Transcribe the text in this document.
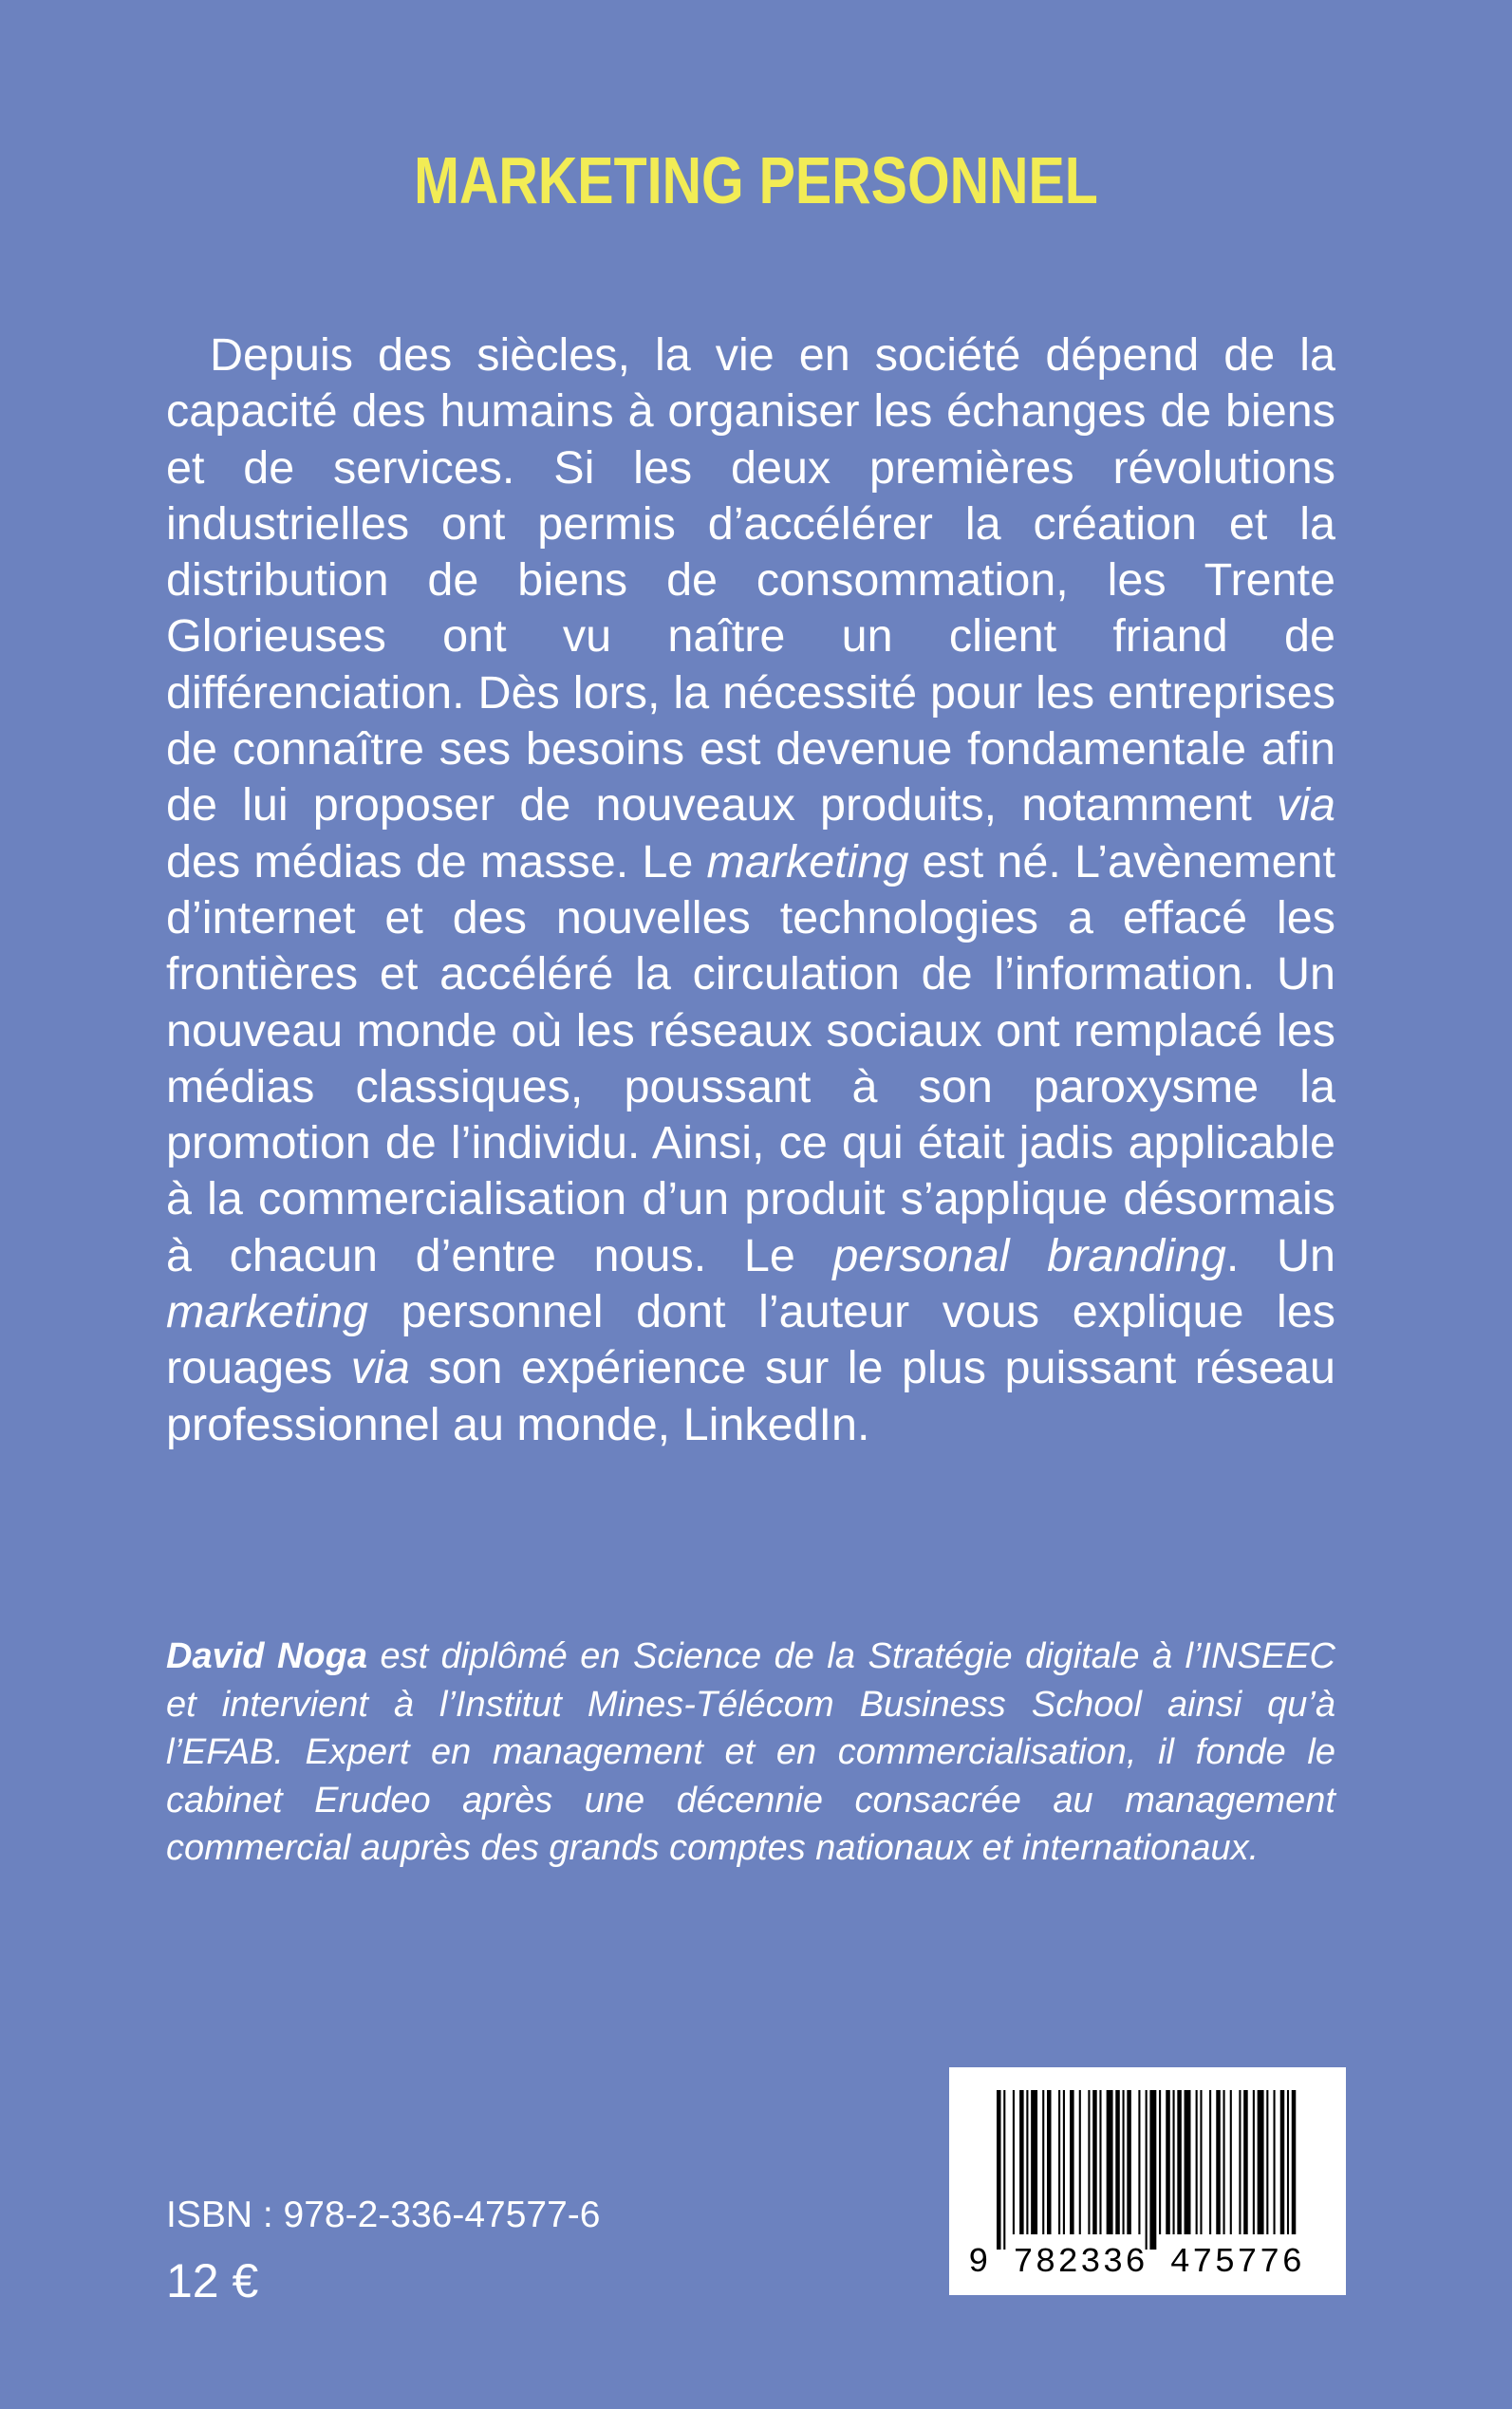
MARKETING PERSONNEL

Depuis des siècles, la vie en société dépend de la capacité des humains à organiser les échanges de biens et de services. Si les deux premières révolutions industrielles ont permis d’accélérer la création et la distribution de biens de consommation, les Trente Glorieuses ont vu naître un client friand de différenciation. Dès lors, la nécessité pour les entreprises de connaître ses besoins est devenue fondamentale afin de lui proposer de nouveaux produits, notamment via des médias de masse. Le marketing est né. L’avènement d’internet et des nouvelles technologies a effacé les frontières et accéléré la circulation de l’information. Un nouveau monde où les réseaux sociaux ont remplacé les médias classiques, poussant à son paroxysme la promotion de l’individu. Ainsi, ce qui était jadis applicable à la commercialisation d’un produit s’applique désormais à chacun d’entre nous. Le personal branding. Un marketing personnel dont l’auteur vous explique les rouages via son expérience sur le plus puissant réseau professionnel au monde, LinkedIn.

David Noga est diplômé en Science de la Stratégie digitale à l’INSEEC et intervient à l’Institut Mines-Télécom Business School ainsi qu’à l’EFAB. Expert en management et en commercialisation, il fonde le cabinet Erudeo après une décennie consacrée au management commercial auprès des grands comptes nationaux et internationaux.

ISBN : 978-2-336-47577-6
12 €	9 782336 475776
